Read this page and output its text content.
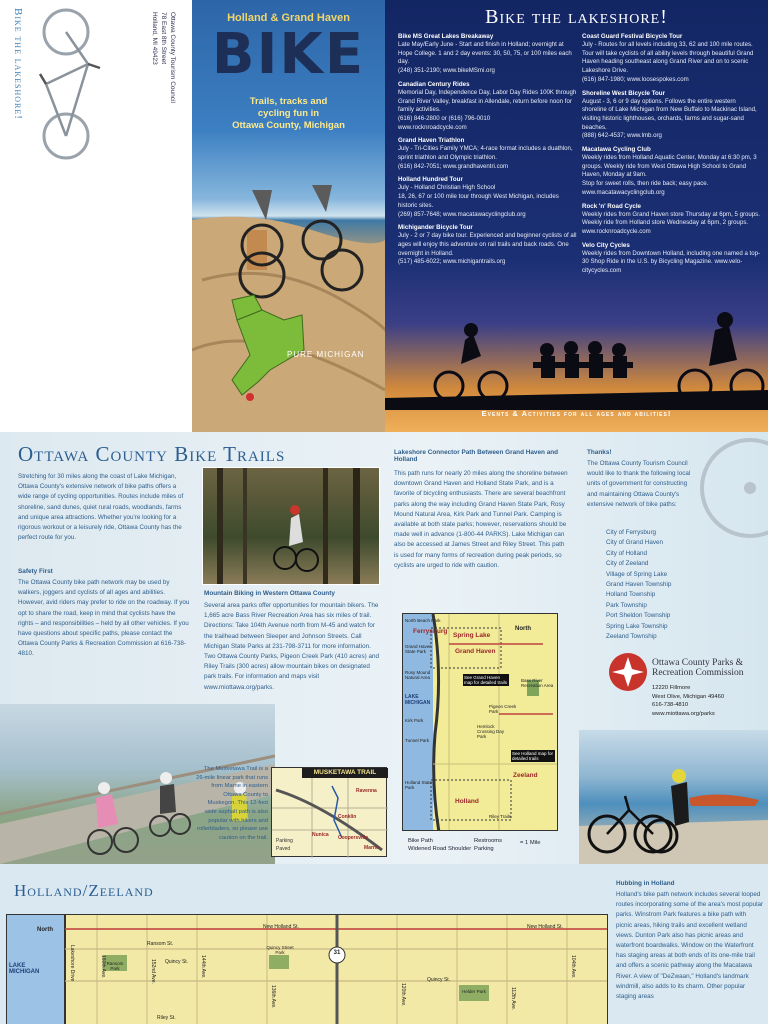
Bike the lakeshore!	Ottawa County Tourism Council
78 East 8th Street
Holland, MI 49423
Holland & Grand Haven
BIKE
Trails, tracks and
cycling fun in
Ottawa County, Michigan
PURE MICHIGAN
Bike the lakeshore!
Bike MS Great Lakes Breakaway
Late May/Early June - Start and finish in Holland; overnight at Hope College. 1 and 2 day events: 30, 50, 75, or 100 miles each day.
(248) 351-2190; www.bikeMSmi.org
Canadian Century Rides
Memorial Day, Independence Day, Labor Day Rides 100K through Grand River Valley, breakfast in Allendale, return before noon for family activities.
(616) 846-2800 or (616) 796-0010
www.rocknroadcycle.com
Grand Haven Triathlon
July - Tri-Cities Family YMCA; 4-race format includes a duathlon, sprint triathlon and Olympic triathlon.
(616) 842-7051; www.grandhaventri.com
Holland Hundred Tour
July - Holland Christian High School
18, 26, 67 or 100 mile tour through West Michigan, includes historic sites.
(269) 857-7648; www.macatawacyclingclub.org
Michigander Bicycle Tour
July - 2 or 7 day bike tour. Experienced and beginner cyclists of all ages will enjoy this adventure on rail trails and back roads. One overnight in Holland.
(517) 485-6022; www.michigantrails.org
Coast Guard Festival Bicycle Tour
July - Routes for all levels including 33, 62 and 100 mile routes. Tour will take cyclists of all ability levels through beautiful Grand Haven heading southeast along Grand River and on to scenic Lakeshore Drive.
(616) 847-1980; www.loosespokes.com
Shoreline West Bicycle Tour
August - 3, 6 or 9 day options. Follows the entire western shoreline of Lake Michigan from New Buffalo to Mackinac Island, visiting historic lighthouses, orchards, farms and sugar-sand beaches.
(888) 642-4537; www.lmb.org
Macatawa Cycling Club
Weekly rides from Holland Aquatic Center, Monday at 6:30 pm, 3 groups. Weekly ride from West Ottawa High School to Grand Haven, Monday at 9am.
Stop for sweet rolls, then ride back; easy pace.
www.macatawacyclingclub.org
Rock 'n' Road Cycle
Weekly rides from Grand Haven store Thursday at 6pm, 5 groups. Weekly ride from Holland store Wednesday at 6pm, 2 groups. www.rocknroadcycle.com
Velo City Cycles
Weekly rides from Downtown Holland, including one named a top-30 Shop Ride in the U.S. by Bicycling Magazine. www.velo-citycycles.com
Events & Activities for all ages and abilities!
Ottawa County Bike Trails
Stretching for 30 miles along the coast of Lake Michigan, Ottawa County's extensive network of bike paths offers a wide range of cycling opportunities. Routes include miles of shoreline, sand dunes, quiet rural roads, woodlands, farms and unique area attractions. Whether you're looking for a rigorous workout or a leisurely ride, Ottawa County has the perfect route for you.
Safety First
The Ottawa County bike path network may be used by walkers, joggers and cyclists of all ages and abilities. However, avid riders may prefer to ride on the roadway. If you opt to share the road, keep in mind that cyclists have the rights – and responsibilities – held by all other vehicles. If you have questions about specific paths, please contact the Ottawa County Parks & Recreation Commission at 616-738-4810.
Mountain Biking in Western Ottawa County
Several area parks offer opportunities for mountain bikers. The 1,665 acre Bass River Recreation Area has six miles of trail. Directions: Take 104th Avenue north from M-45 and watch for the trailhead between Sleeper and Johnson Streets. Call Michigan State Parks at 231-798-3711 for more information. Two Ottawa County Parks, Pigeon Creek Park (410 acres) and Riley Trails (300 acres) allow mountain bikes on designated park trails. For information and maps visit www.miottawa.org/parks.
The Musketawa Trail is a 26-mile linear park that runs from Marne in eastern Ottawa County to Muskegon. This 12-foot wide asphalt path is also popular with hikers and rollerbladers, so please use caution on the trail.
MUSKETAWA TRAIL
Ravenna
Conklin
Marne
Coopersville
Nunica
Parking
Paved
Lakeshore Connector Path Between Grand Haven and Holland
This path runs for nearly 20 miles along the shoreline between downtown Grand Haven and Holland State Park, and is a favorite of bicycling enthusiasts. There are several beachfront parks along the way including Grand Haven State Park, Rosy Mound Natural Area, Kirk Park and Tunnel Park. Camping is available at both state parks; however, reservations should be made well in advance (1-800-44 PARKS). Lake Michigan can also be accessed at James Street and Riley Street. This path is used for many forms of recreation during peak periods, so cyclists are urged to ride with caution.
North
Ferrysburg
Spring Lake
Grand Haven
Zeeland
Holland
North Beach Park
Grand Haven State Park
Rosy Mound Natural Area
Kirk Park
Tunnel Park
Holland State Park
Bass River Recreation Area
Pigeon Creek Park
Hemlock Crossing Day Park
Riley Trails
LAKE MICHIGAN
See Grand Haven map for detailed trails
See Holland map for detailed trails
Bike Path
Widened Road Shoulder
Restrooms
Parking
= 1 Mile
Thanks!
The Ottawa County Tourism Council would like to thank the following local units of government for constructing and maintaining Ottawa County's extensive network of bike paths:
City of Ferrysburg
City of Grand Haven
City of Holland
City of Zeeland
Village of Spring Lake
Grand Haven Township
Holland Township
Park Township
Port Sheldon Township
Spring Lake Township
Zeeland Township
Ottawa County Parks &
Recreation Commission
12220 Fillmore
West Olive, Michigan 49460
616-738-4810
www.miottawa.org/parks
Holland/Zeeland
North
LAKE
MICHIGAN
New Holland St.	New Holland St.
Ransom St.
Quincy St.
Quincy St.
Riley St.
Lakeshore Drive	160th Ave.	152nd Ave.	144th Ave.
136th Ave.	120th Ave.	112th Ave.
104th Ave.
Ransom Park
Quincy Street Park
Helder Park
31
Hubbing in Holland
Holland's bike path network includes several looped routes incorporating some of the area's most popular parks. Winstrom Park features a bike path with picnic areas, hiking trails and excellent wetland views. Dunton Park also has picnic areas and waterfront boardwalks. Window on the Waterfront has staging areas at both ends of its one-mile trail and offers a scenic pathway along the Macatawa River. A view of "DeZwaan," Holland's landmark windmill, also adds to its charm. Other popular staging areas
